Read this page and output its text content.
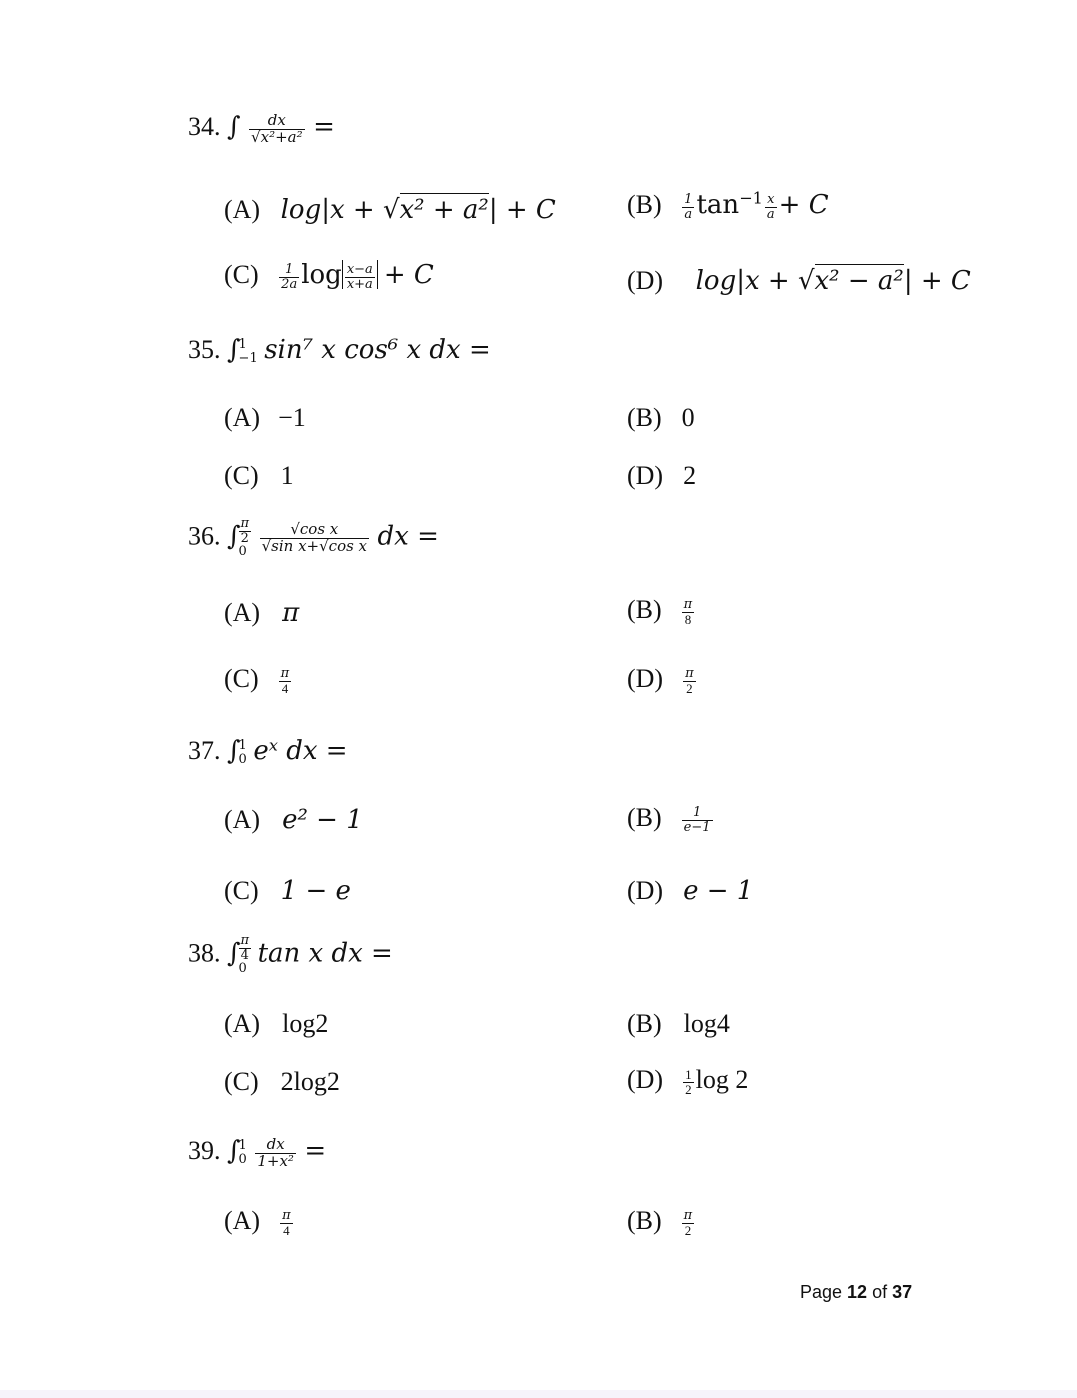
34. ∫ $\frac{dx}{\text{√x²+a²}}$ =
(A) log|x + √x² + a²| + C	$(B) \frac{1}{a} \tan^{-1} \frac{x}{a} + C$
$(C) \frac{1}{2a}$ $\log \frac{x-a}{x+a} + C$	(D) log|x + √x² − a²| + C
35. ∫
1
−1 sin⁷ x cos⁶ x dx =
(A) −1	(B) 0
(C) 1	(D) 2
36. ∫ π
2
0
$\frac{\text{√cos x}}{\text{√sin x+√cos x}}$ dx =
(A) π	$(B) \frac{\pi}{8}$
$(C) \frac{\pi}{4}$	$(D) \frac{\pi}{2}$
37. ∫
1
0 eˣ dx =
(A) e² − 1	$(B) \frac{1}{e-1}$
(C) 1 − e	(D) e − 1
38. ∫ π
4
0
tan x dx =
(A) log2	(B) log4
(C) 2log2	$(D) \frac{1}{2}$ log 2
39. ∫
1
0
$\frac{dx}{\text{1+x²}}$ =
$(A) \frac{\pi}{4}$	$(B) \frac{\pi}{2}$
Page 12 of 37
